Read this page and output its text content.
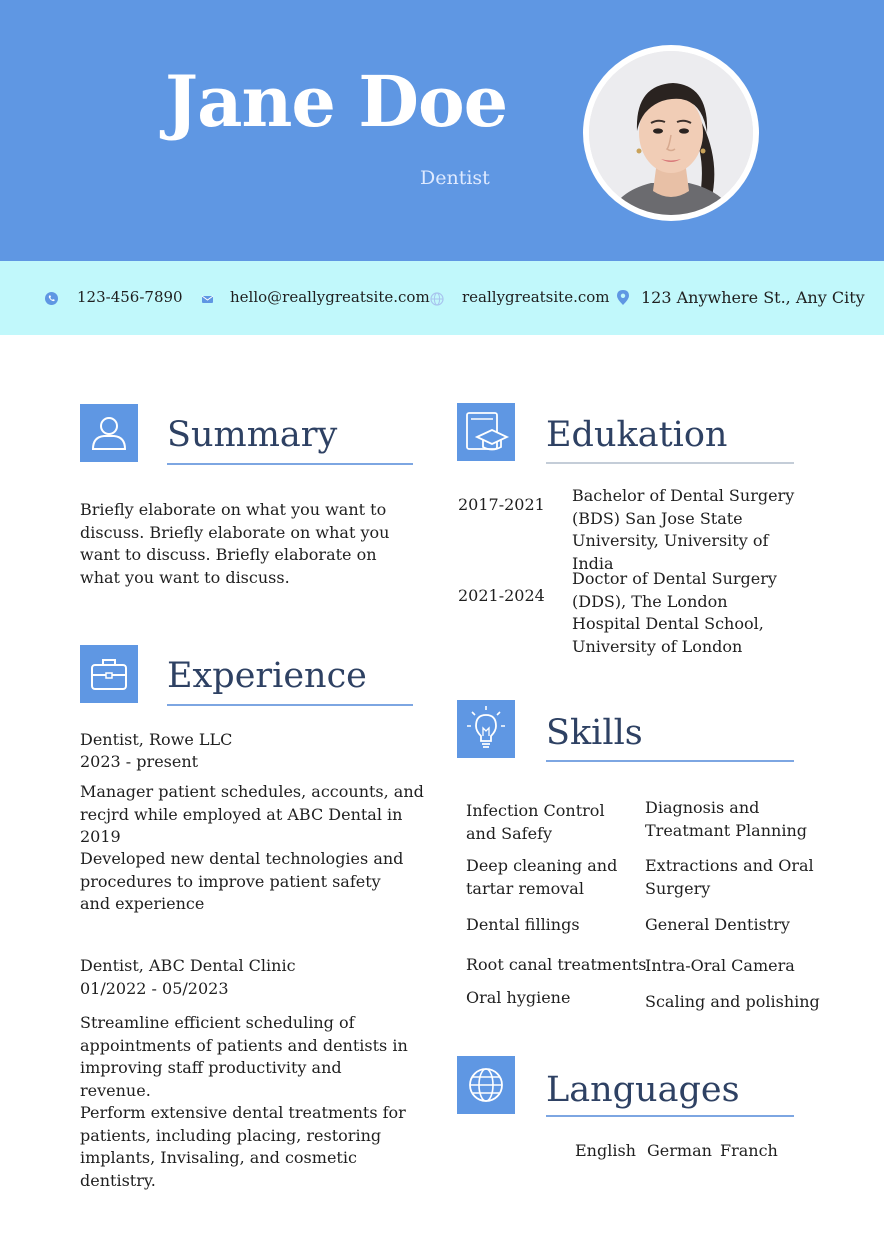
Jane Doe
Dentist
123-456-7890	hello@reallygreatsite.com reallygreatsite.com 123 Anywhere St., Any City
Summary
Briefly elaborate on what you want to discuss. Briefly elaborate on what you want to discuss. Briefly elaborate on what you want to discuss.
Experience
Dentist, Rowe LLC
2023 - present
Manager patient schedules, accounts, and recjrd while employed at ABC Dental in 2019
Developed new dental technologies and procedures to improve patient safety and experience
Dentist, ABC Dental Clinic
01/2022 - 05/2023
Streamline efficient scheduling of appointments of patients and dentists in improving staff productivity and revenue.
Perform extensive dental treatments for patients, including placing, restoring implants, Invisaling, and cosmetic dentistry.
Edukation
2017-2021 Bachelor of Dental Surgery (BDS) San Jose State University, University of India
2021-2024
Doctor of Dental Surgery (DDS), The London Hospital Dental School, University of London
Skills
Infection Control and Safefy
Deep cleaning and tartar removal
Dental fillings
Root canal treatments
Oral hygiene
Diagnosis and Treatmant Planning
Extractions and Oral Surgery
General Dentistry
Intra-Oral Camera
Scaling and polishing
Languages
English German Franch
